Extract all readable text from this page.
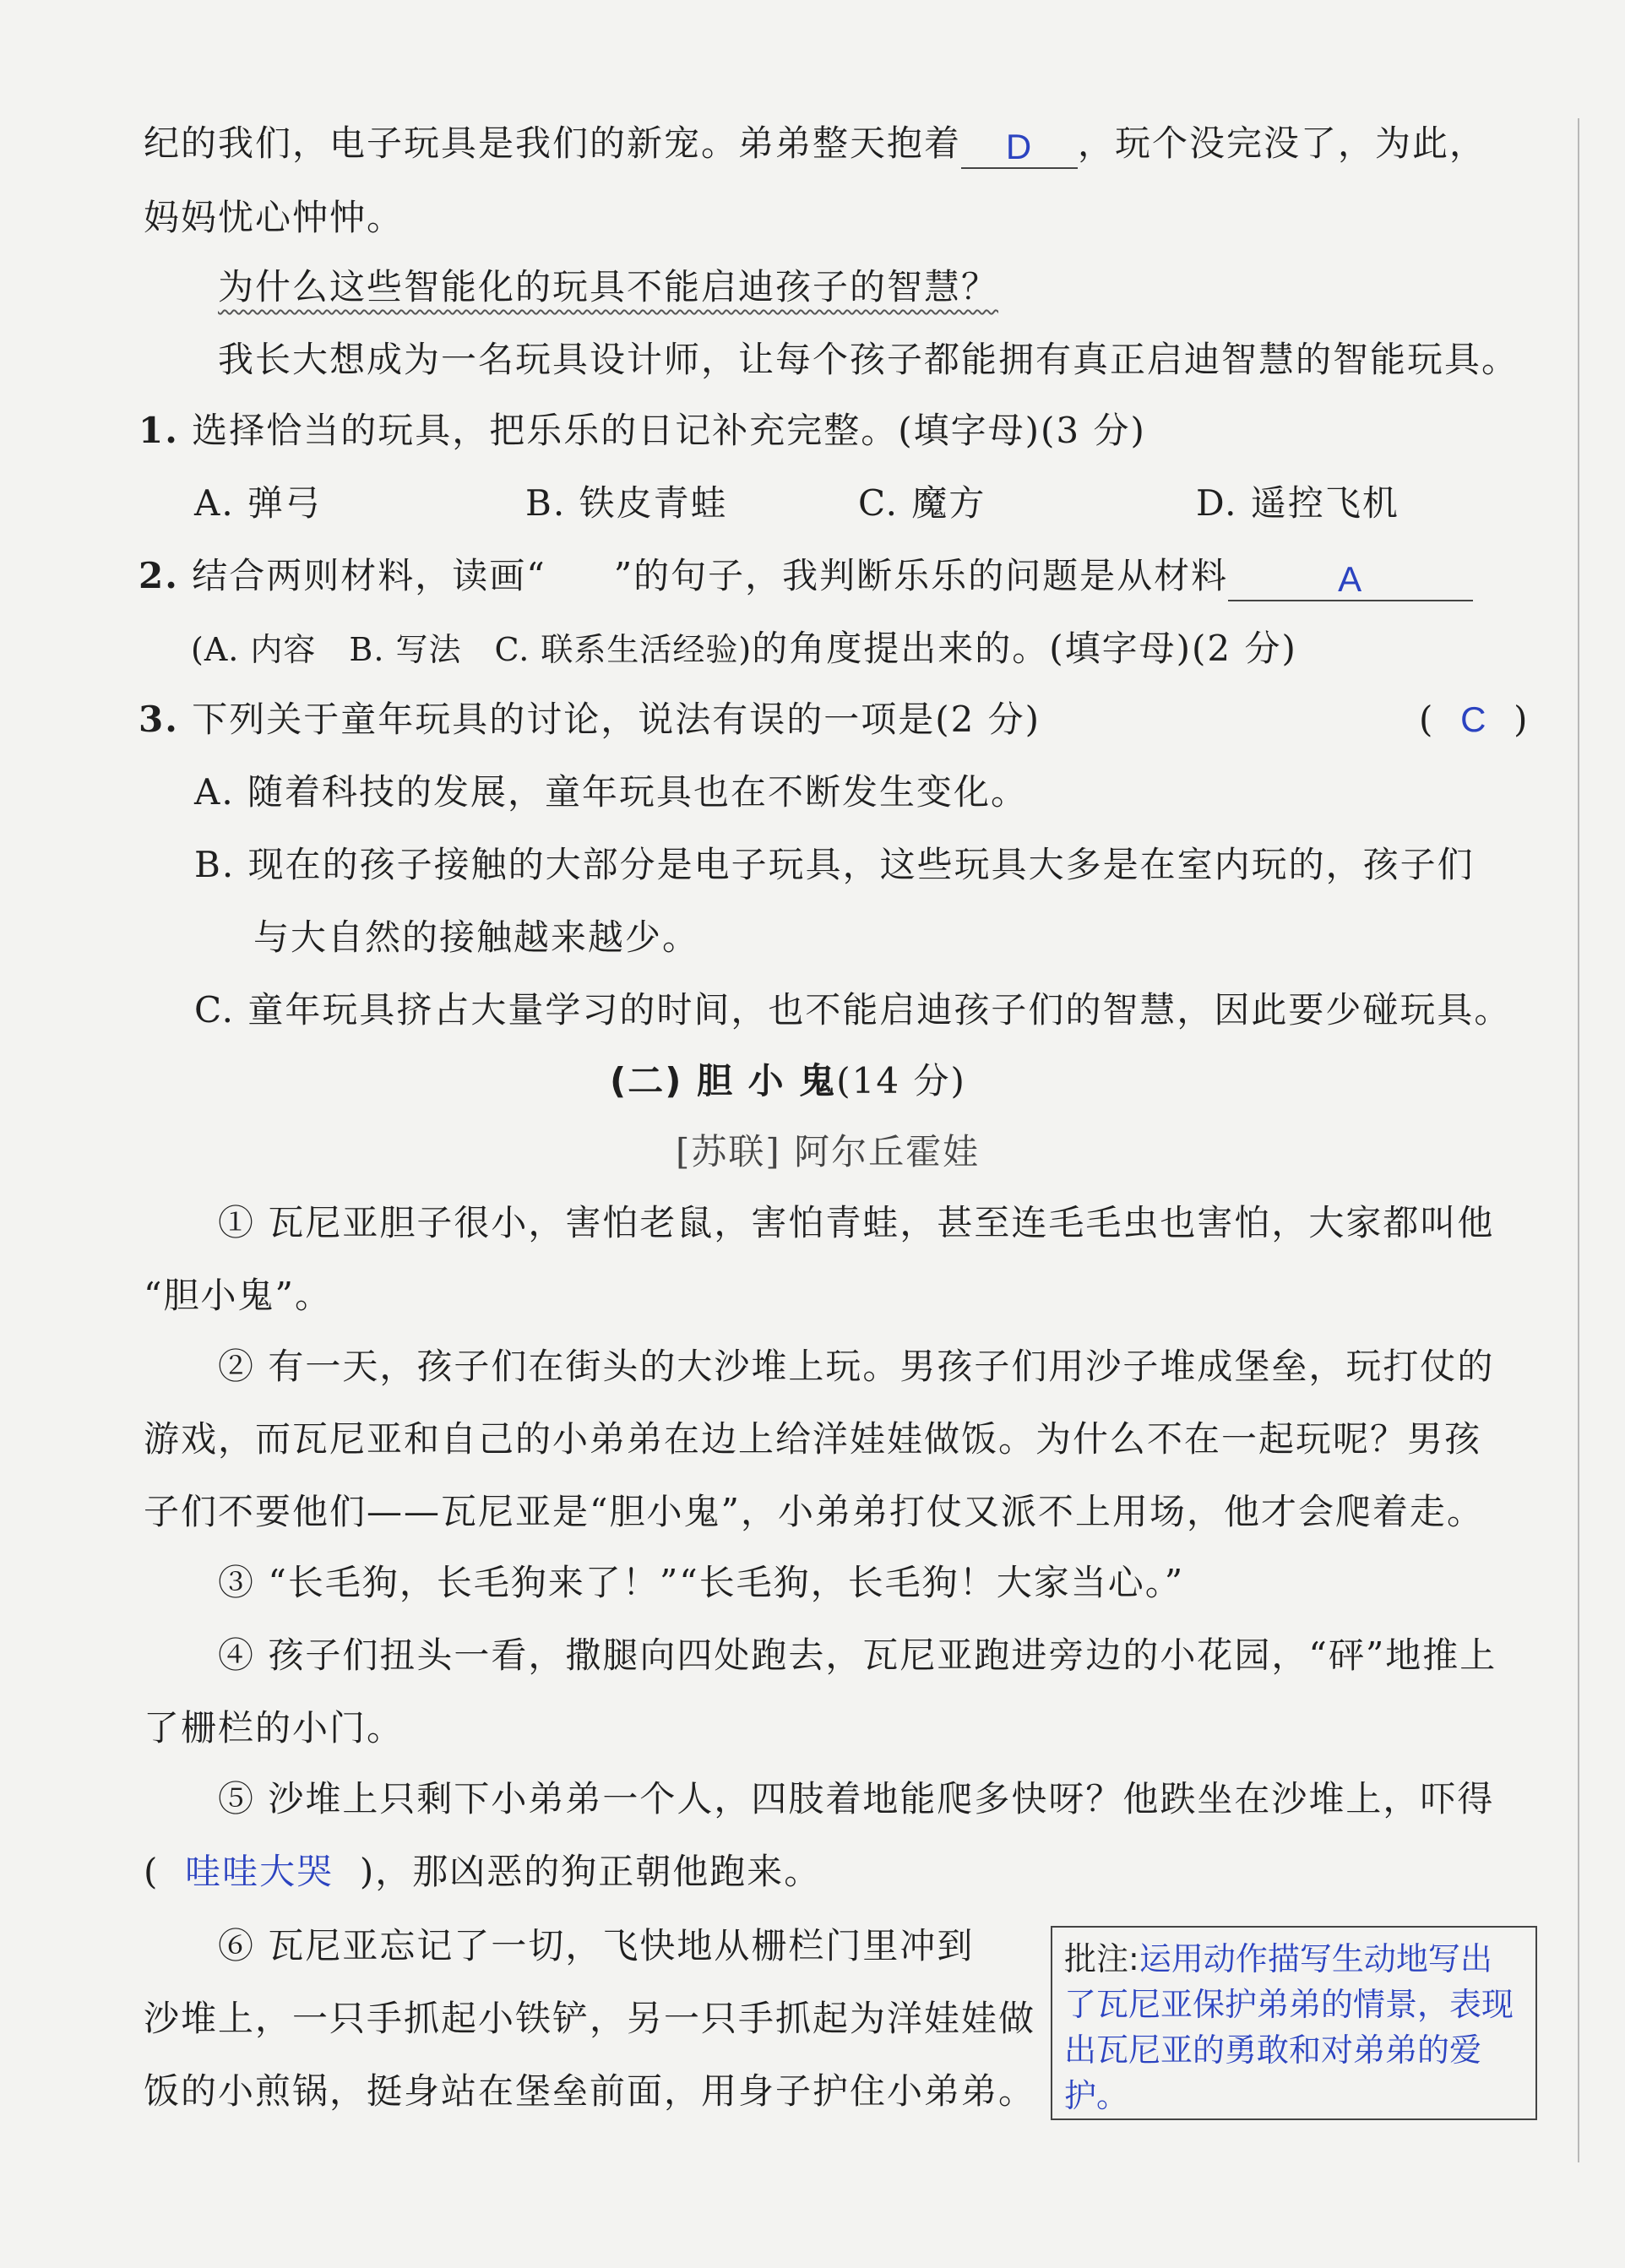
纪的我们，电子玩具是我们的新宠。弟弟整天抱着 D ，玩个没完没了，为此，
妈妈忧心忡忡。
为什么这些智能化的玩具不能启迪孩子的智慧？
我长大想成为一名玩具设计师，让每个孩子都能拥有真正启迪智慧的智能玩具。
1. 选择恰当的玩具，把乐乐的日记补充完整。(填字母)(3 分)
A. 弹弓	B. 铁皮青蛙	C. 魔方	D. 遥控飞机
2. 结合两则材料，读画“ ”的句子，我判断乐乐的问题是从材料	A
(A. 内容　B. 写法　C. 联系生活经验)的角度提出来的。(填字母)(2 分)
3. 下列关于童年玩具的讨论，说法有误的一项是(2 分)	( C )
A. 随着科技的发展，童年玩具也在不断发生变化。
B. 现在的孩子接触的大部分是电子玩具，这些玩具大多是在室内玩的，孩子们
与大自然的接触越来越少。
C. 童年玩具挤占大量学习的时间，也不能启迪孩子们的智慧，因此要少碰玩具。
(二) 胆 小 鬼(14 分)
[苏联] 阿尔丘霍娃
① 瓦尼亚胆子很小，害怕老鼠，害怕青蛙，甚至连毛毛虫也害怕，大家都叫他
“胆小鬼”。
② 有一天，孩子们在街头的大沙堆上玩。男孩子们用沙子堆成堡垒，玩打仗的
游戏，而瓦尼亚和自己的小弟弟在边上给洋娃娃做饭。为什么不在一起玩呢？男孩
子们不要他们——瓦尼亚是“胆小鬼”，小弟弟打仗又派不上用场，他才会爬着走。
③ “长毛狗，长毛狗来了！”“长毛狗，长毛狗！大家当心。”
④ 孩子们扭头一看，撒腿向四处跑去，瓦尼亚跑进旁边的小花园，“砰”地推上
了栅栏的小门。
⑤ 沙堆上只剩下小弟弟一个人，四肢着地能爬多快呀？他跌坐在沙堆上，吓得
( 哇哇大哭 )，那凶恶的狗正朝他跑来。
⑥ 瓦尼亚忘记了一切，飞快地从栅栏门里冲到
沙堆上，一只手抓起小铁铲，另一只手抓起为洋娃娃做
饭的小煎锅，挺身站在堡垒前面，用身子护住小弟弟。
批注:运用动作描写生动地写出了瓦尼亚保护弟弟的情景，表现出瓦尼亚的勇敢和对弟弟的爱护。
